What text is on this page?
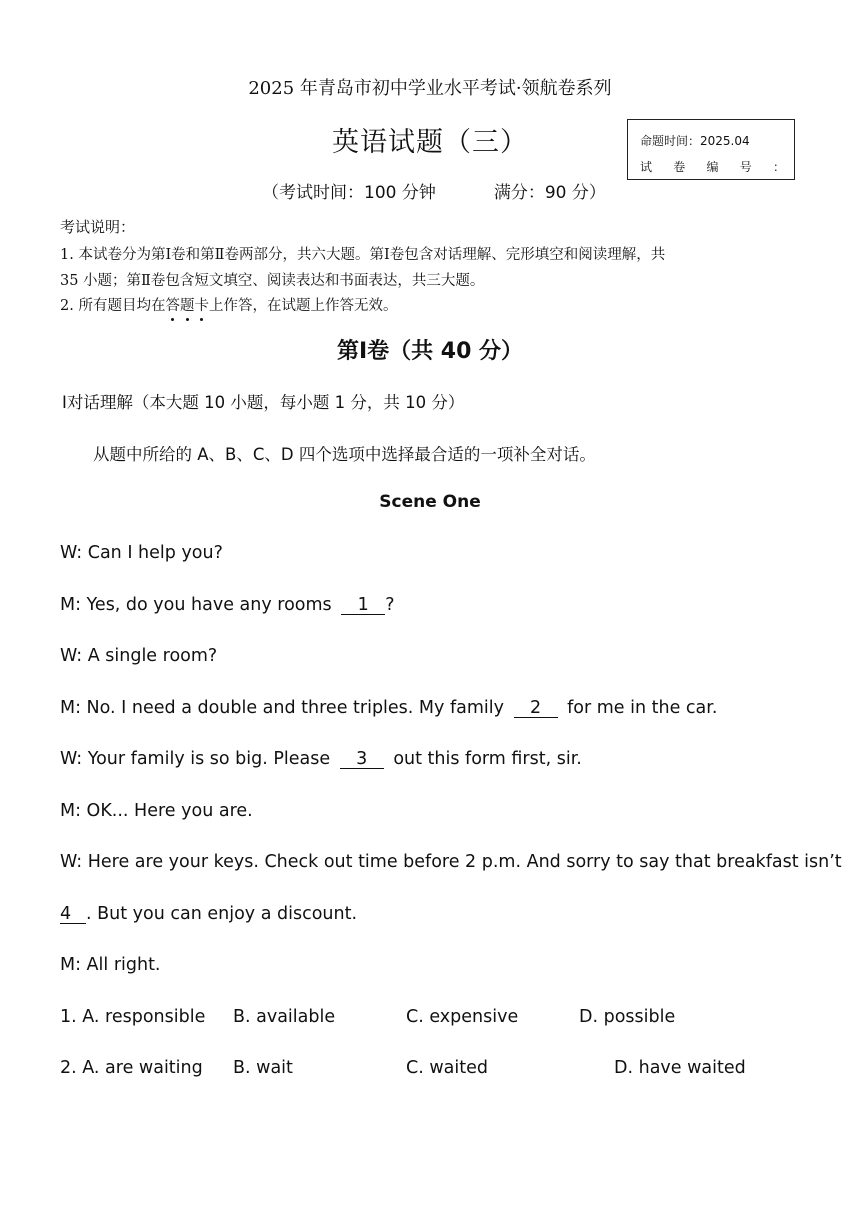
2025 年青岛市初中学业水平考试·领航卷系列
英语试题（三）	命题时间：2025.04
试 卷 编 号 ：
（考试时间：100 分钟	满分：90 分）
考试说明：
1. 本试卷分为第Ⅰ卷和第Ⅱ卷两部分，共六大题。第Ⅰ卷包含对话理解、完形填空和阅读理解，共
35 小题；第Ⅱ卷包含短文填空、阅读表达和书面表达，共三大题。
2. 所有题目均在答题卡上作答，在试题上作答无效。
第Ⅰ卷（共 40 分）
Ⅰ对话理解（本大题 10 小题，每小题 1 分，共 10 分）
从题中所给的 A、B、C、D 四个选项中选择最合适的一项补全对话。
Scene One
W: Can I help you?
M: Yes, do you have any rooms 1 ?
W: A single room?
M: No. I need a double and three triples. My family 2 for me in the car.
W: Your family is so big. Please 3 out this form first, sir.
M: OK... Here you are.
W: Here are your keys. Check out time before 2 p.m. And sorry to say that breakfast isn’t
4 . But you can enjoy a discount.
M: All right.
1. A. responsible B. available	C. expensive	D. possible
2. A. are waiting B. wait	C. waited	D. have waited
